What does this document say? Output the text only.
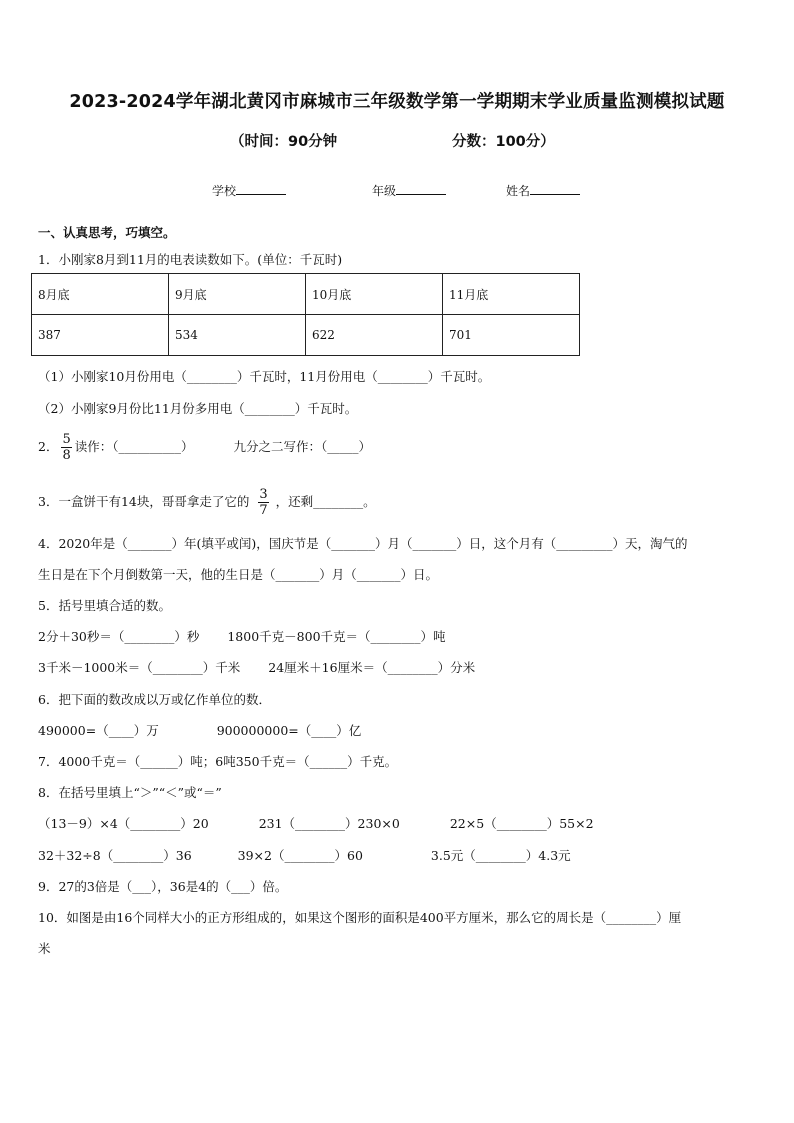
2023-2024学年湖北黄冈市麻城市三年级数学第一学期期末学业质量监测模拟试题
（时间：90分钟	分数：100分）
学校	年级	姓名
一、认真思考，巧填空。
1．小刚家8月到11月的电表读数如下。(单位：千瓦时)
8月底	9月底	10月底	11月底
387	534	622	701
（1）小刚家10月份用电（________）千瓦时，11月份用电（________）千瓦时。
（2）小刚家9月份比11月份多用电（________）千瓦时。
2． $\frac{5}{8}$ 读作：（__________）	九分之二写作：（_____）
3．一盒饼干有14块，哥哥拿走了它的 $\frac{3}{7}$ ，还剩________。
4．2020年是（_______）年(填平或闰)，国庆节是（_______）月（_______）日，这个月有（_________）天，淘气的
生日是在下个月倒数第一天，他的生日是（_______）月（_______）日。
5．括号里填合适的数。
2分＋30秒＝（________）秒 1800千克－800千克＝（________）吨
3千米－1000米＝（________）千米 24厘米＋16厘米＝（________）分米
6．把下面的数改成以万或亿作单位的数．
490000=（____）万	900000000=（____）亿
7．4000千克＝（______）吨；6吨350千克＝（______）千克。
8．在括号里填上“＞”“＜”或“＝”
（13－9）×4（________）20	231（________）230×0	22×5（________）55×2
32＋32÷8（________）36	39×2（________）60	3.5元（________）4.3元
9．27的3倍是（___），36是4的（___）倍。
10．如图是由16个同样大小的正方形组成的，如果这个图形的面积是400平方厘米，那么它的周长是（________）厘
米
